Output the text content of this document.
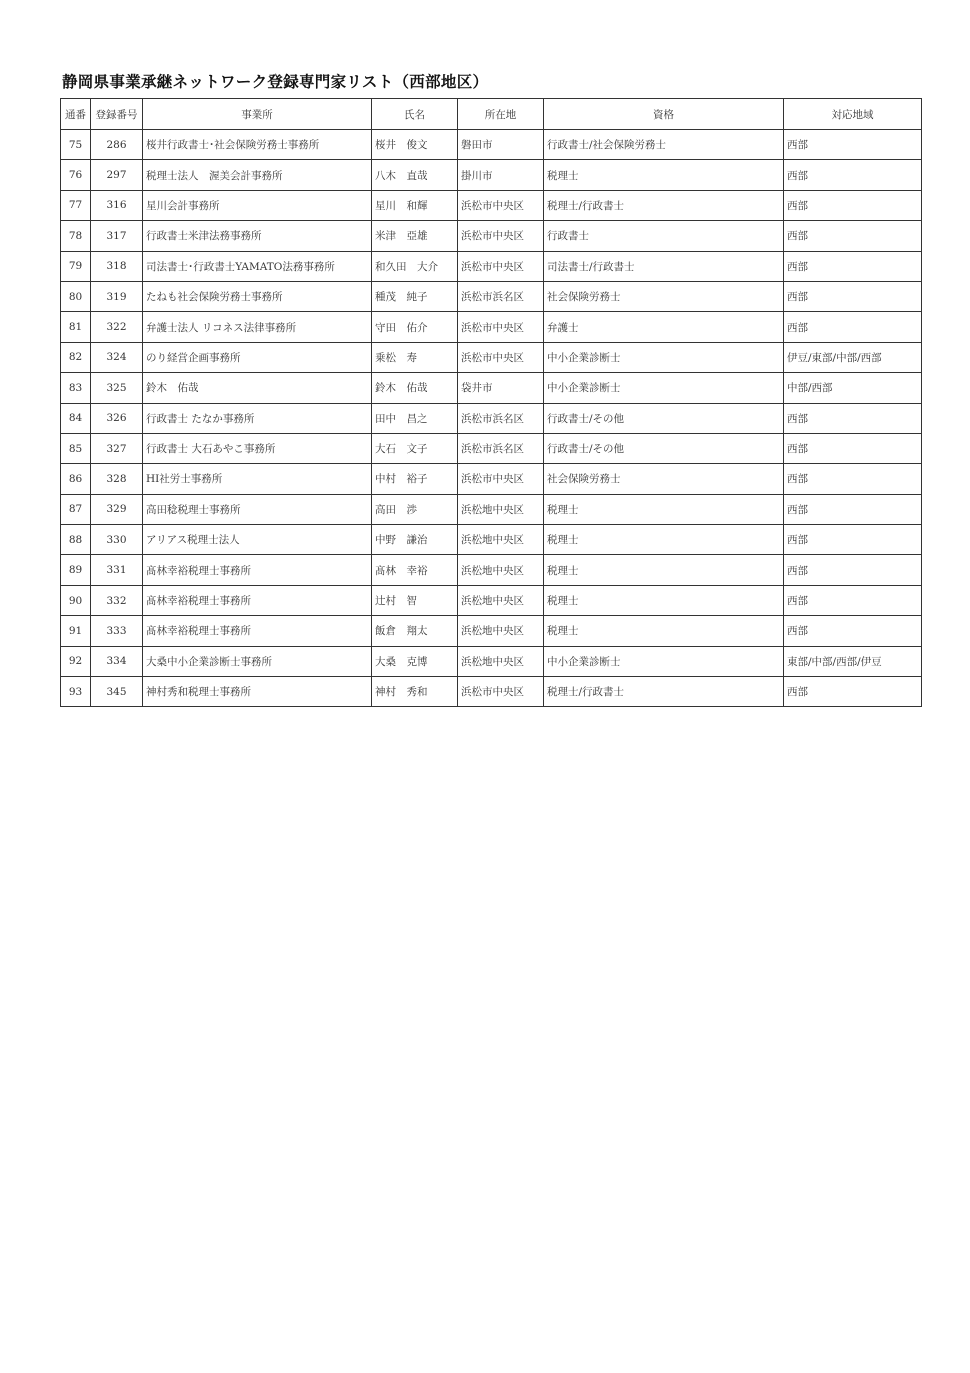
静岡県事業承継ネットワーク登録専門家リスト（西部地区）
通番	登録番号	事業所	氏名	所在地	資格	対応地域
75	286	桜井行政書士･社会保険労務士事務所	桜井　俊文	磐田市	行政書士/社会保険労務士	西部
76	297	税理士法人　渥美会計事務所	八木　直哉	掛川市	税理士	西部
77	316	星川会計事務所	星川　和輝	浜松市中央区	税理士/行政書士	西部
78	317	行政書士米津法務事務所	米津　亞雄	浜松市中央区	行政書士	西部
79	318	司法書士･行政書士YAMATO法務事務所	和久田　大介	浜松市中央区	司法書士/行政書士	西部
80	319	たねも社会保険労務士事務所	種茂　純子	浜松市浜名区	社会保険労務士	西部
81	322	弁護士法人 リコネス法律事務所	守田　佑介	浜松市中央区	弁護士	西部
82	324	のり経営企画事務所	乗松　寿	浜松市中央区	中小企業診断士	伊豆/東部/中部/西部
83	325	鈴木　佑哉	鈴木　佑哉	袋井市	中小企業診断士	中部/西部
84	326	行政書士 たなか事務所	田中　昌之	浜松市浜名区	行政書士/その他	西部
85	327	行政書士 大石あやこ事務所	大石　文子	浜松市浜名区	行政書士/その他	西部
86	328	HI社労士事務所	中村　裕子	浜松市中央区	社会保険労務士	西部
87	329	高田稔税理士事務所	高田　渉	浜松地中央区	税理士	西部
88	330	アリアス税理士法人	中野　謙治	浜松地中央区	税理士	西部
89	331	髙林幸裕税理士事務所	髙林　幸裕	浜松地中央区	税理士	西部
90	332	髙林幸裕税理士事務所	辻村　智	浜松地中央区	税理士	西部
91	333	髙林幸裕税理士事務所	飯倉　翔太	浜松地中央区	税理士	西部
92	334	大桑中小企業診断士事務所	大桑　克博	浜松地中央区	中小企業診断士	東部/中部/西部/伊豆
93	345	神村秀和税理士事務所	神村　秀和	浜松市中央区	税理士/行政書士	西部
